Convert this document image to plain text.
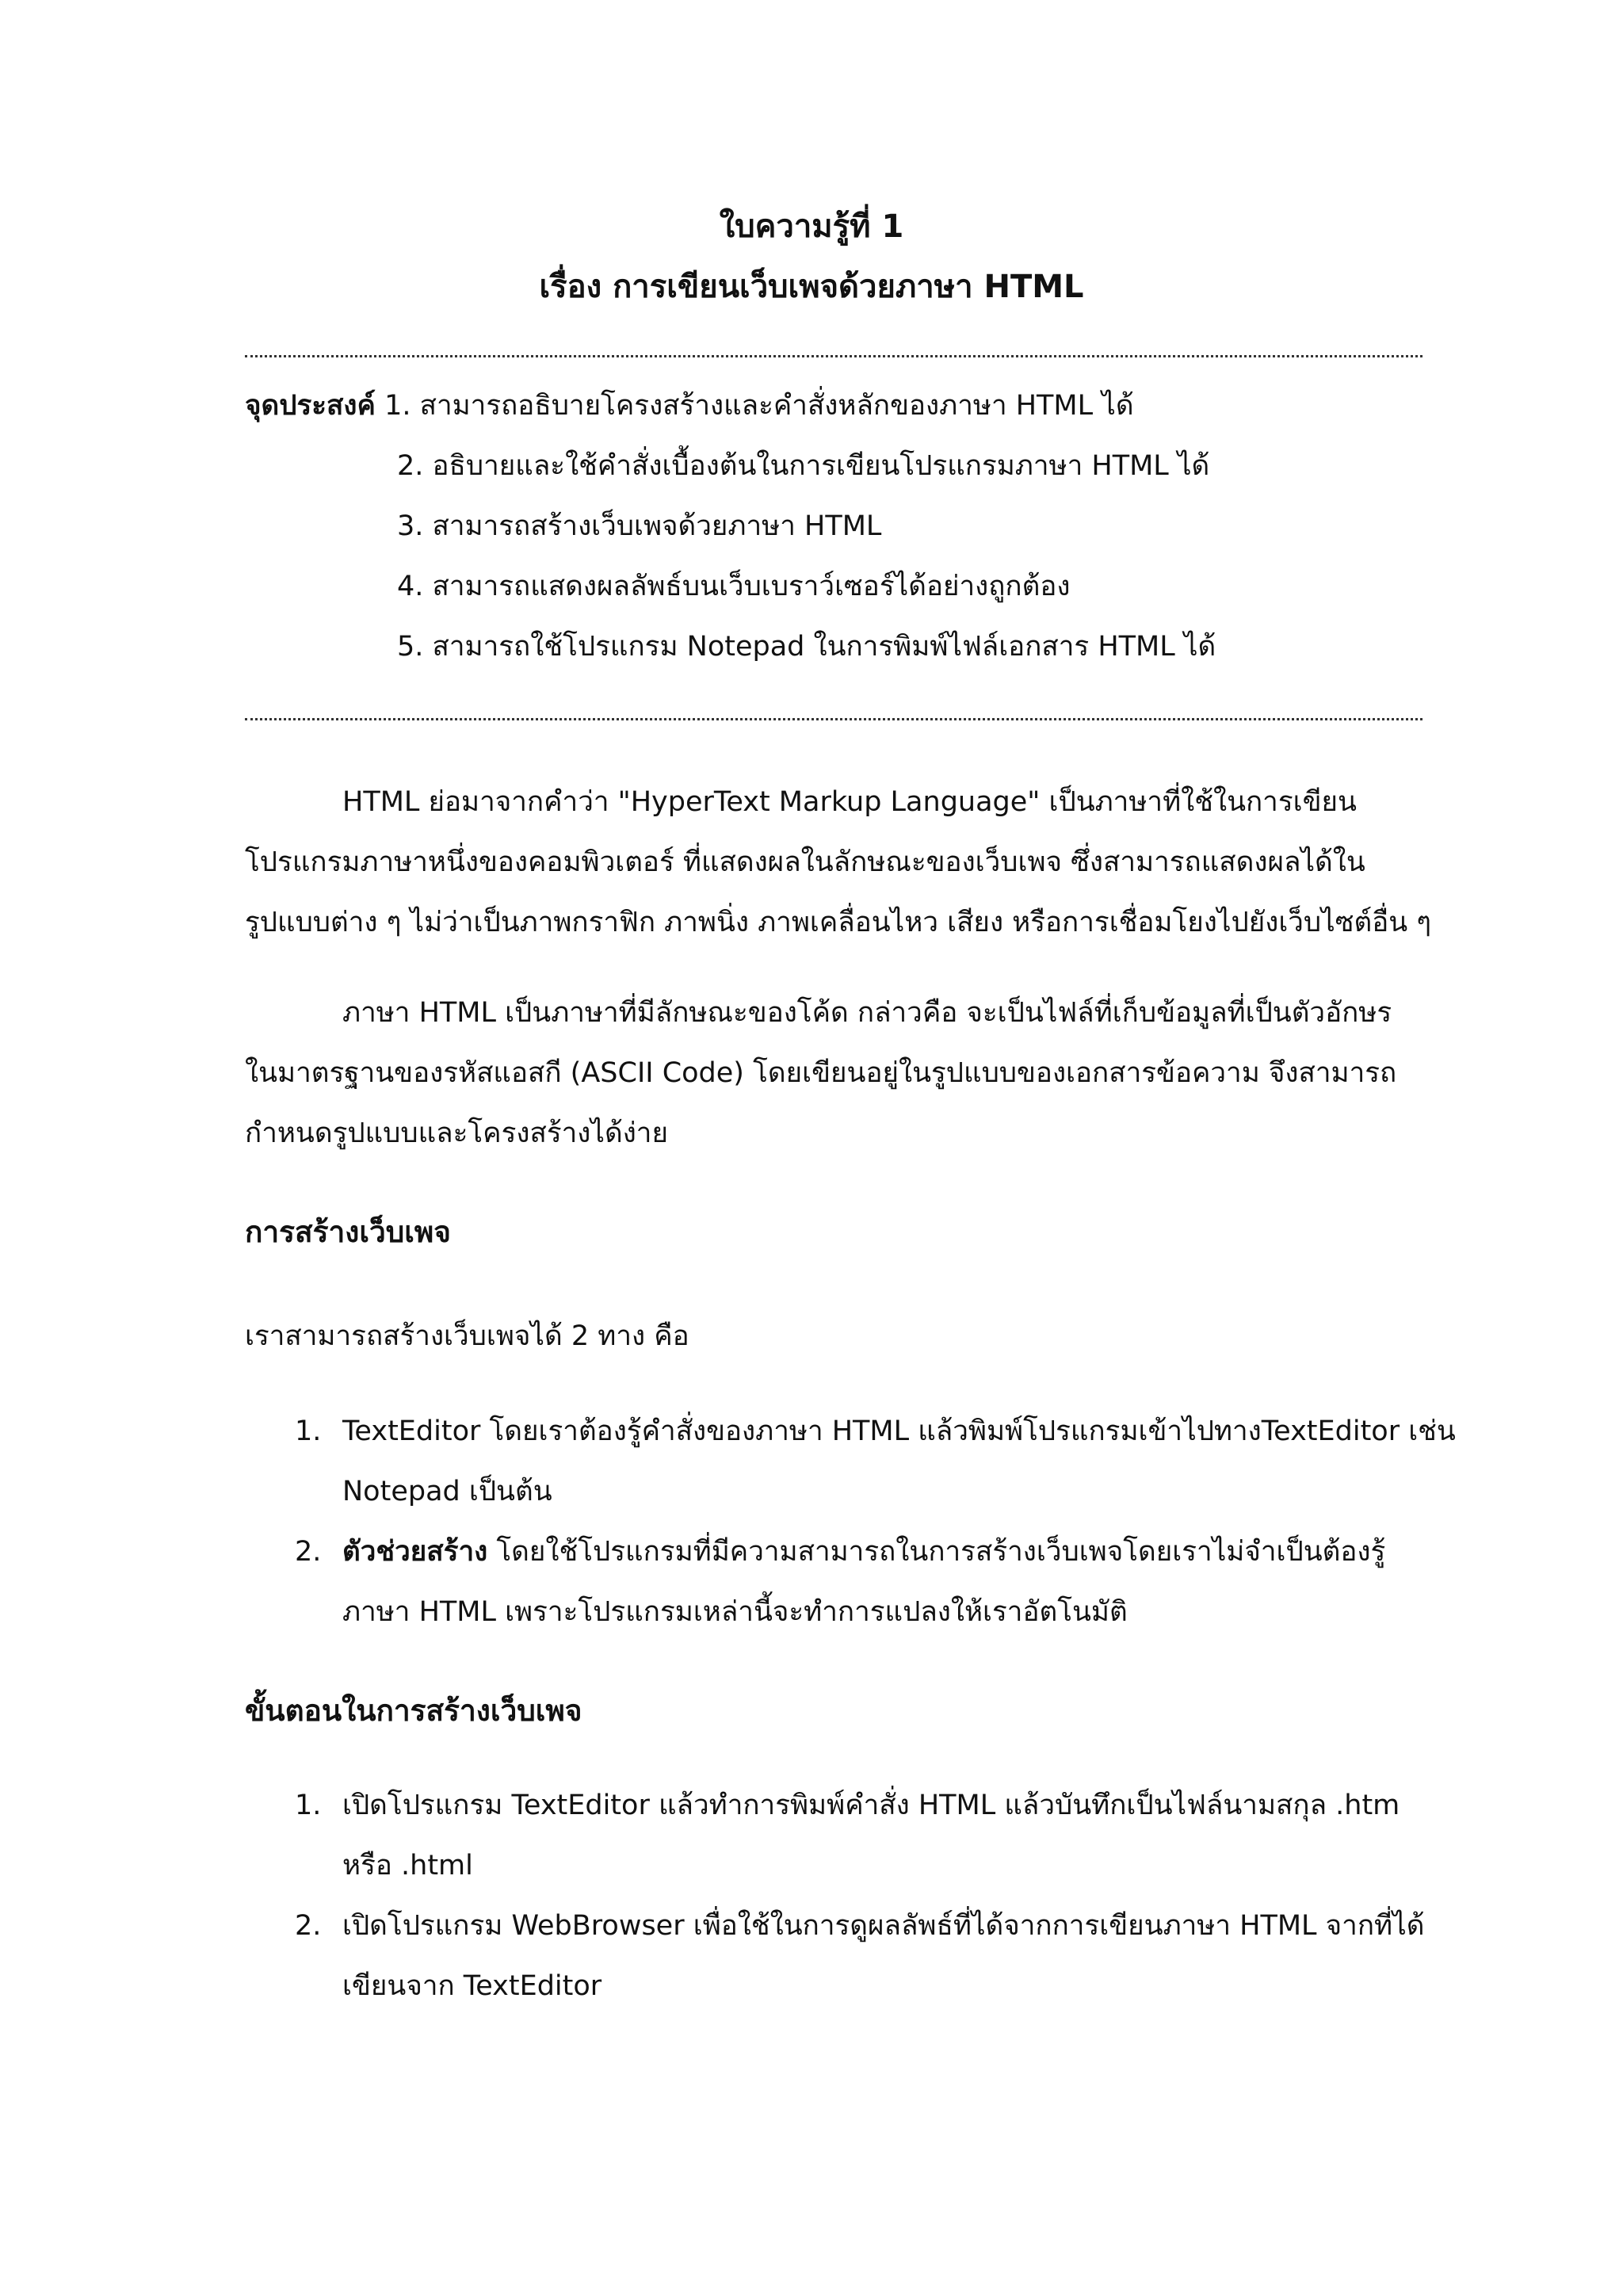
ใบความรู้ที่ 1
เรื่อง การเขียนเว็บเพจด้วยภาษา HTML
จุดประสงค์ 1. สามารถอธิบายโครงสร้างและคำสั่งหลักของภาษา HTML ได้
2. อธิบายและใช้คำสั่งเบื้องต้นในการเขียนโปรแกรมภาษา HTML ได้
3. สามารถสร้างเว็บเพจด้วยภาษา HTML
4. สามารถแสดงผลลัพธ์บนเว็บเบราว์เซอร์ได้อย่างถูกต้อง
5. สามารถใช้โปรแกรม Notepad ในการพิมพ์ไฟล์เอกสาร HTML ได้
HTML ย่อมาจากคำว่า "HyperText Markup Language" เป็นภาษาที่ใช้ในการเขียน
โปรแกรมภาษาหนึ่งของคอมพิวเตอร์ ที่แสดงผลในลักษณะของเว็บเพจ ซึ่งสามารถแสดงผลได้ใน
รูปแบบต่าง ๆ ไม่ว่าเป็นภาพกราฟิก ภาพนิ่ง ภาพเคลื่อนไหว เสียง หรือการเชื่อมโยงไปยังเว็บไซต์อื่น ๆ
ภาษา HTML เป็นภาษาที่มีลักษณะของโค้ด กล่าวคือ จะเป็นไฟล์ที่เก็บข้อมูลที่เป็นตัวอักษร
ในมาตรฐานของรหัสแอสกี (ASCII Code) โดยเขียนอยู่ในรูปแบบของเอกสารข้อความ จึงสามารถ
กำหนดรูปแบบและโครงสร้างได้ง่าย
การสร้างเว็บเพจ
เราสามารถสร้างเว็บเพจได้ 2 ทาง คือ
1. TextEditor โดยเราต้องรู้คำสั่งของภาษา HTML แล้วพิมพ์โปรแกรมเข้าไปทางTextEditor เช่น
Notepad เป็นต้น
2. ตัวช่วยสร้าง โดยใช้โปรแกรมที่มีความสามารถในการสร้างเว็บเพจโดยเราไม่จำเป็นต้องรู้
ภาษา HTML เพราะโปรแกรมเหล่านี้จะทำการแปลงให้เราอัตโนมัติ
ขั้นตอนในการสร้างเว็บเพจ
1. เปิดโปรแกรม TextEditor แล้วทำการพิมพ์คำสั่ง HTML แล้วบันทึกเป็นไฟล์นามสกุล .htm
หรือ .html
2. เปิดโปรแกรม WebBrowser เพื่อใช้ในการดูผลลัพธ์ที่ได้จากการเขียนภาษา HTML จากที่ได้
เขียนจาก TextEditor
